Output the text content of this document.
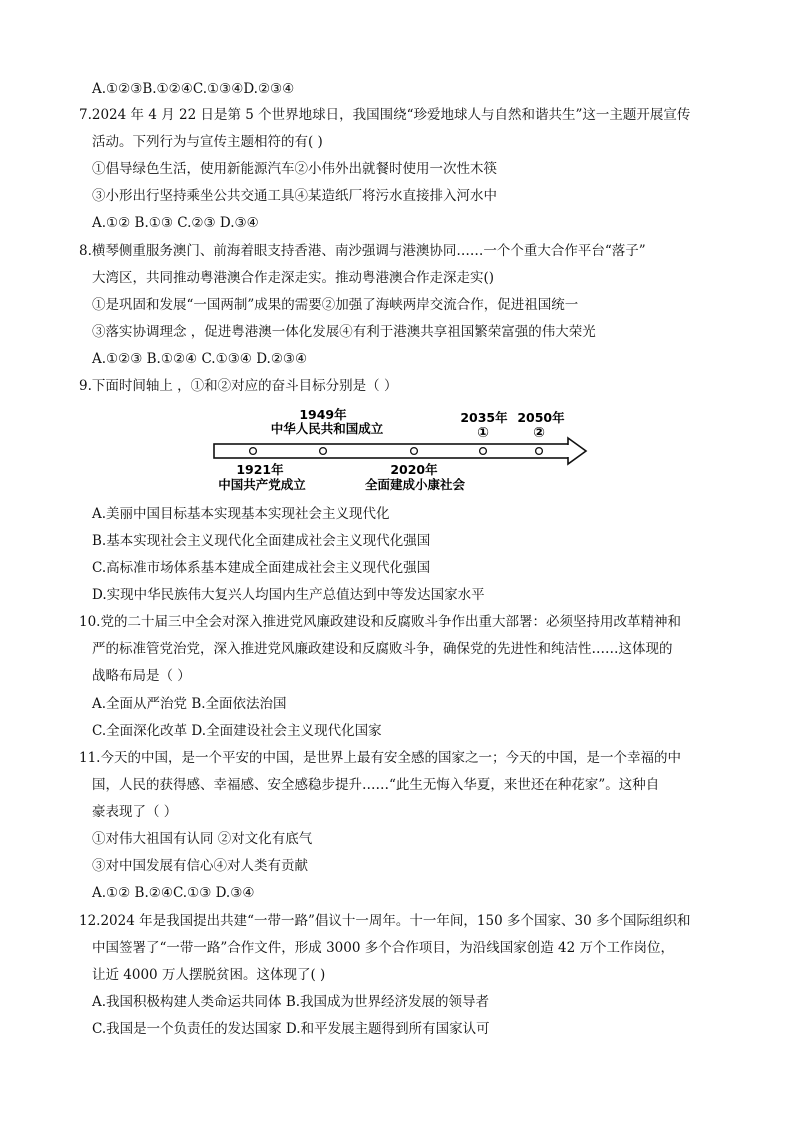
A.①②③B.①②④C.①③④D.②③④
7.2024 年 4 月 22 日是第 5 个世界地球日，我国围绕“珍爱地球人与自然和谐共生”这一主题开展宣传
活动。下列行为与宣传主题相符的有( )
①倡导绿色生活，使用新能源汽车②小伟外出就餐时使用一次性木筷
③小形出行坚持乘坐公共交通工具④某造纸厂将污水直接排入河水中
A.①② B.①③ C.②③ D.③④
8.横琴侧重服务澳门、前海着眼支持香港、南沙强调与港澳协同……一个个重大合作平台“落子”
大湾区，共同推动粤港澳合作走深走实。推动粤港澳合作走深走实()
①是巩固和发展“一国两制”成果的需要②加强了海峡两岸交流合作，促进祖国统一
③落实协调理念 ，促进粤港澳一体化发展④有利于港澳共享祖国繁荣富强的伟大荣光
A.①②③ B.①②④ C.①③④ D.②③④
9.下面时间轴上 ，①和②对应的奋斗目标分别是（ ）
1949年
中华人民共和国成立
2035年
①
2050年
②
1921年
中国共产党成立
2020年
全面建成小康社会
A.美丽中国目标基本实现基本实现社会主义现代化
B.基本实现社会主义现代化全面建成社会主义现代化强国
C.高标准市场体系基本建成全面建成社会主义现代化强国
D.实现中华民族伟大复兴人均国内生产总值达到中等发达国家水平
10.党的二十届三中全会对深入推进党风廉政建设和反腐败斗争作出重大部署：必须坚持用改革精神和
严的标准管党治党，深入推进党风廉政建设和反腐败斗争，确保党的先进性和纯洁性……这体现的
战略布局是（ ）
A.全面从严治党 B.全面依法治国
C.全面深化改革 D.全面建设社会主义现代化国家
11.今天的中国，是一个平安的中国，是世界上最有安全感的国家之一；今天的中国，是一个幸福的中
国，人民的获得感、幸福感、安全感稳步提升……“此生无悔入华夏，来世还在种花家”。这种自
豪表现了（ ）
①对伟大祖国有认同 ②对文化有底气
③对中国发展有信心④对人类有贡献
A.①② B.②④C.①③ D.③④
12.2024 年是我国提出共建“一带一路”倡议十一周年。十一年间，150 多个国家、30 多个国际组织和
中国签署了“一带一路”合作文件，形成 3000 多个合作项目，为沿线国家创造 42 万个工作岗位，
让近 4000 万人摆脱贫困。这体现了( )
A.我国积极构建人类命运共同体 B.我国成为世界经济发展的领导者
C.我国是一个负责任的发达国家 D.和平发展主题得到所有国家认可
